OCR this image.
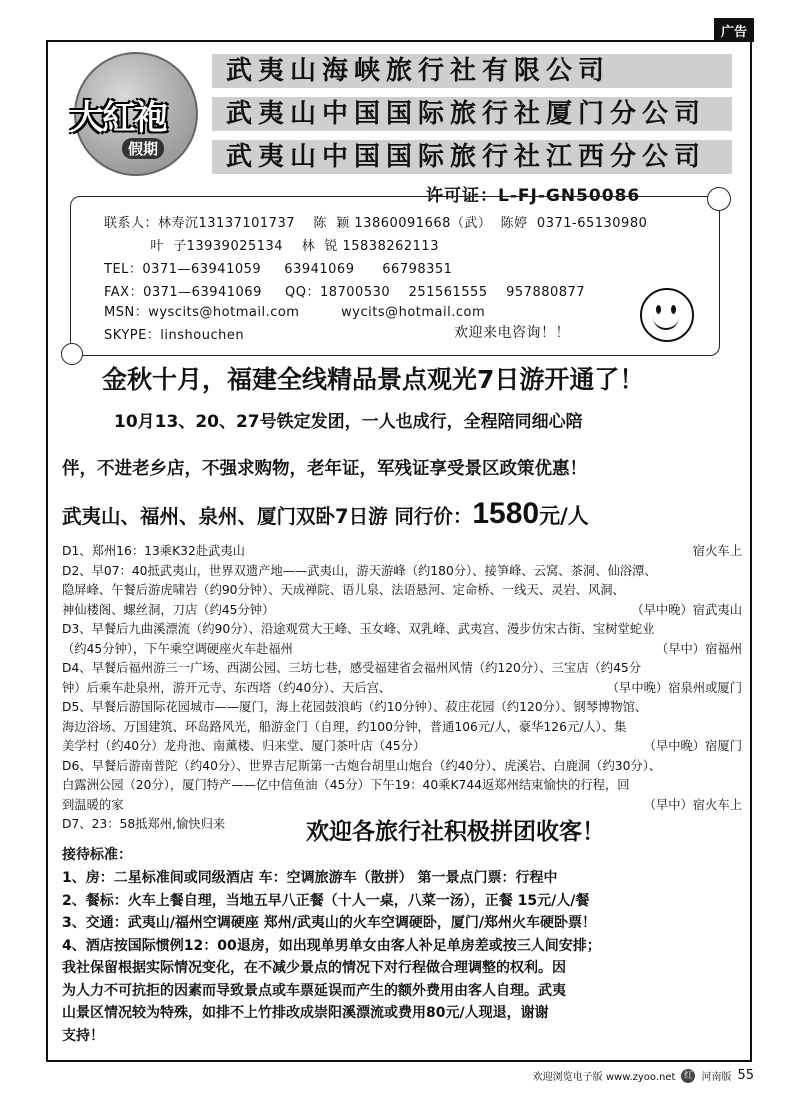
广告
大紅袍
假期
武夷山海峡旅行社有限公司
武夷山中国国际旅行社厦门分公司
武夷山中国国际旅行社江西分公司
许可证：L-FJ-GN50086
联系人：林寿沉13137101737    陈  颖 13860091668（武）  陈婷  0371-65130980
叶  子13939025134    林  锐 15838262113
TEL：0371—63941059     63941069      66798351
FAX：0371—63941069     QQ：18700530    251561555    957880877
MSN：wyscits@hotmail.com         wycits@hotmail.com
SKYPE：linshouchen	欢迎来电咨询！！
金秋十月，福建全线精品景点观光7日游开通了！
10月13、20、27号铁定发团，一人也成行，全程陪同细心陪
伴，不进老乡店，不强求购物，老年证，军残证享受景区政策优惠！
武夷山、福州、泉州、厦门双卧7日游 同行价： 1580 元/人
D1、郑州16：13乘K32赴武夷山	宿火车上
D2、早07：40抵武夷山，世界双遗产地——武夷山，游天游峰（约180分）、接笋峰、云窝、茶洞、仙浴潭、
隐屏峰、午餐后游虎啸岩（约90分钟）、天成禅院、语儿泉、法语悬河、定命桥、一线天、灵岩、风洞、
神仙楼阁、螺丝洞，刀店（约45分钟）	（早中晚）宿武夷山
D3、早餐后九曲溪漂流（约90分）、沿途观赏大王峰、玉女峰、双乳峰、武夷宫、漫步仿宋古街、宝树堂蛇业
（约45分钟），下午乘空调硬座火车赴福州	（早中）宿福州
D4、早餐后福州游三一广场、西湖公园、三坊七巷，感受福建省会福州风情（约120分）、三宝店（约45分
钟）后乘车赴泉州，游开元寺、东西塔（约40分）、天后宫、	（早中晚）宿泉州或厦门
D5、早餐后游国际花园城市——厦门，海上花园鼓浪屿（约10分钟）、菽庄花园（约120分）、钢琴博物馆、
海边浴场、万国建筑、环岛路风光，船游金门（自理，约100分钟，普通106元/人，豪华126元/人）、集
美学村（约40分）龙舟池、南薰楼、归来堂、厦门茶叶店（45分）	（早中晚）宿厦门
D6、早餐后游南普陀（约40分）、世界吉尼斯第一古炮台胡里山炮台（约40分）、虎溪岩、白鹿洞（约30分）、
白露洲公园（20分），厦门特产——亿中信鱼油（45分）下午19：40乘K744返郑州结束愉快的行程，回
到温暖的家	（早中）宿火车上
D7、23：58抵郑州,愉快归来	欢迎各旅行社积极拼团收客！
接待标准：
1、房：二星标准间或同级酒店 车：空调旅游车（散拼） 第一景点门票：行程中
2、餐标：火车上餐自理，当地五早八正餐（十人一桌，八菜一汤），正餐 15元/人/餐
3、交通：武夷山/福州空调硬座 郑州/武夷山的火车空调硬卧，厦门/郑州火车硬卧票！
4、酒店按国际惯例12：00退房，如出现单男单女由客人补足单房差或按三人间安排；
我社保留根据实际情况变化，在不减少景点的情况下对行程做合理调整的权利。因
为人力不可抗拒的因素而导致景点或车票延误而产生的额外费用由客人自理。武夷
山景区情况较为特殊，如排不上竹排改成崇阳溪漂流或费用80元/人现退，谢谢
支持！
欢迎浏览电子版 www.zyoo.net 红 河南版 55
